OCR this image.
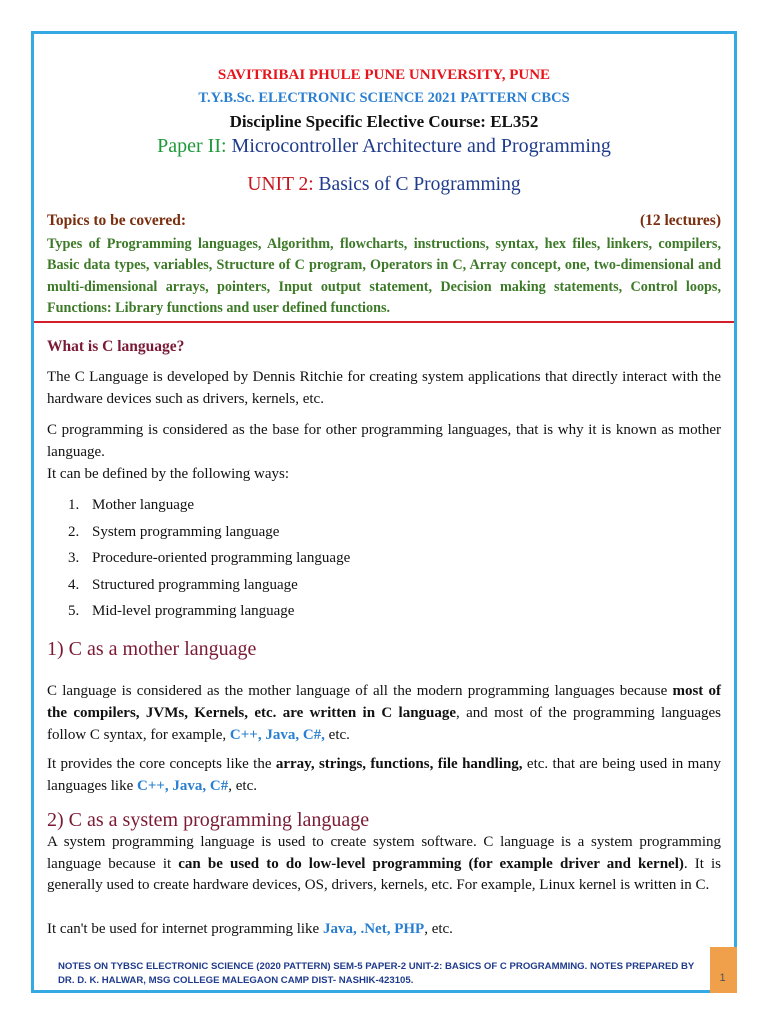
SAVITRIBAI PHULE PUNE UNIVERSITY, PUNE
T.Y.B.Sc. ELECTRONIC SCIENCE 2021 PATTERN CBCS
Discipline Specific Elective Course: EL352
Paper II: Microcontroller Architecture and Programming
UNIT 2: Basics of C Programming
Topics to be covered:	(12 lectures)
Types of Programming languages, Algorithm, flowcharts, instructions, syntax, hex files, linkers, compilers, Basic data types, variables, Structure of C program, Operators in C, Array concept, one, two-dimensional and multi-dimensional arrays, pointers, Input output statement, Decision making statements, Control loops, Functions: Library functions and user defined functions.
What is C language?
The C Language is developed by Dennis Ritchie for creating system applications that directly interact with the hardware devices such as drivers, kernels, etc.
C programming is considered as the base for other programming languages, that is why it is known as mother language.
It can be defined by the following ways:
1. Mother language
2. System programming language
3. Procedure-oriented programming language
4. Structured programming language
5. Mid-level programming language
1) C as a mother language
C language is considered as the mother language of all the modern programming languages because most of the compilers, JVMs, Kernels, etc. are written in C language, and most of the programming languages follow C syntax, for example, C++, Java, C#, etc.
It provides the core concepts like the array, strings, functions, file handling, etc. that are being used in many languages like C++, Java, C#, etc.
2) C as a system programming language
A system programming language is used to create system software. C language is a system programming language because it can be used to do low-level programming (for example driver and kernel). It is generally used to create hardware devices, OS, drivers, kernels, etc. For example, Linux kernel is written in C.
It can't be used for internet programming like Java, .Net, PHP, etc.
NOTES ON TYBSC ELECTRONIC SCIENCE (2020 PATTERN) SEM-5 PAPER-2 UNIT-2: BASICS OF C PROGRAMMING. NOTES PREPARED BY
DR. D. K. HALWAR, MSG COLLEGE MALEGAON CAMP DIST- NASHIK-423105.	1
